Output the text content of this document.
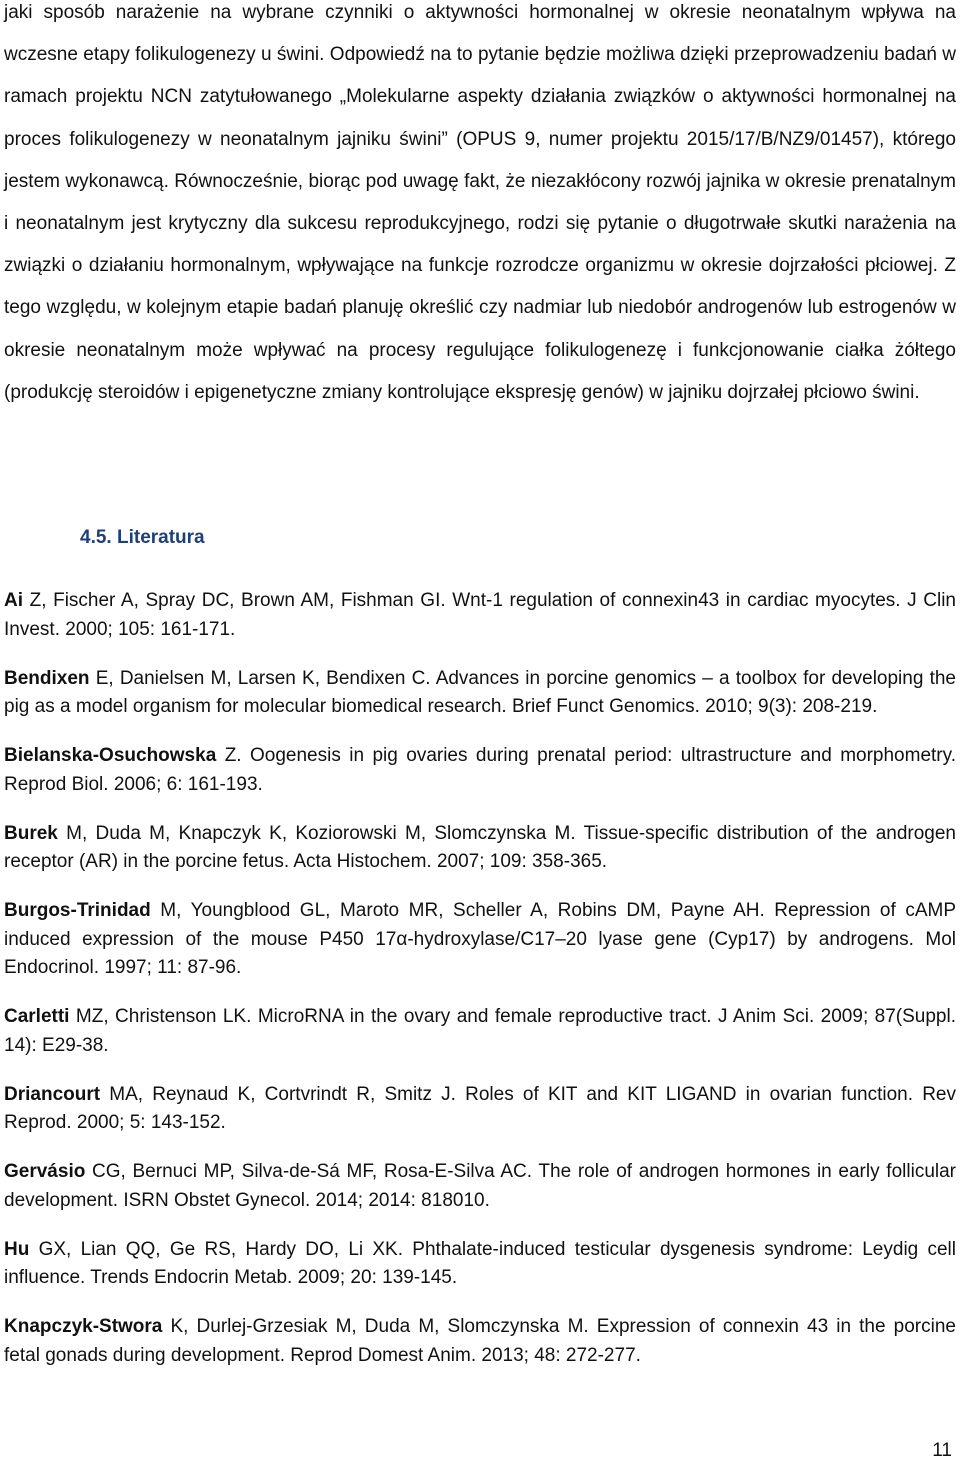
jaki sposób narażenie na wybrane czynniki o aktywności hormonalnej w okresie neonatalnym wpływa na wczesne etapy folikulogenezy u świni. Odpowiedź na to pytanie będzie możliwa dzięki przeprowadzeniu badań w ramach projektu NCN zatytułowanego „Molekularne aspekty działania związków o aktywności hormonalnej na proces folikulogenezy w neonatalnym jajniku świni” (OPUS 9, numer projektu 2015/17/B/NZ9/01457), którego jestem wykonawcą. Równocześnie, biorąc pod uwagę fakt, że niezakłócony rozwój jajnika w okresie prenatalnym i neonatalnym jest krytyczny dla sukcesu reprodukcyjnego, rodzi się pytanie o długotrwałe skutki narażenia na związki o działaniu hormonalnym, wpływające na funkcje rozrodcze organizmu w okresie dojrzałości płciowej. Z tego względu, w kolejnym etapie badań planuję określić czy nadmiar lub niedobór androgenów lub estrogenów w okresie neonatalnym może wpływać na procesy regulujące folikulogenezę i funkcjonowanie ciałka żółtego (produkcję steroidów i epigenetyczne zmiany kontrolujące ekspresję genów) w jajniku dojrzałej płciowo świni.

4.5. Literatura
Ai Z, Fischer A, Spray DC, Brown AM, Fishman GI. Wnt-1 regulation of connexin43 in cardiac myocytes. J Clin Invest. 2000; 105: 161-171.
Bendixen E, Danielsen M, Larsen K, Bendixen C. Advances in porcine genomics – a toolbox for developing the pig as a model organism for molecular biomedical research. Brief Funct Genomics. 2010; 9(3): 208-219.
Bielanska-Osuchowska Z. Oogenesis in pig ovaries during prenatal period: ultrastructure and morphometry. Reprod Biol. 2006; 6: 161-193.
Burek M, Duda M, Knapczyk K, Koziorowski M, Slomczynska M. Tissue-specific distribution of the androgen receptor (AR) in the porcine fetus. Acta Histochem. 2007; 109: 358-365.
Burgos-Trinidad M, Youngblood GL, Maroto MR, Scheller A, Robins DM, Payne AH. Repression of cAMP induced expression of the mouse P450 17α-hydroxylase/C17–20 lyase gene (Cyp17) by androgens. Mol Endocrinol. 1997; 11: 87-96.
Carletti MZ, Christenson LK. MicroRNA in the ovary and female reproductive tract. J Anim Sci. 2009; 87(Suppl. 14): E29-38.
Driancourt MA, Reynaud K, Cortvrindt R, Smitz J. Roles of KIT and KIT LIGAND in ovarian function. Rev Reprod. 2000; 5: 143-152.
Gervásio CG, Bernuci MP, Silva-de-Sá MF, Rosa-E-Silva AC. The role of androgen hormones in early follicular development. ISRN Obstet Gynecol. 2014; 2014: 818010.
Hu GX, Lian QQ, Ge RS, Hardy DO, Li XK. Phthalate-induced testicular dysgenesis syndrome: Leydig cell influence. Trends Endocrin Metab. 2009; 20: 139-145.
Knapczyk-Stwora K, Durlej-Grzesiak M, Duda M, Slomczynska M. Expression of connexin 43 in the porcine fetal gonads during development. Reprod Domest Anim. 2013; 48: 272-277.

11
